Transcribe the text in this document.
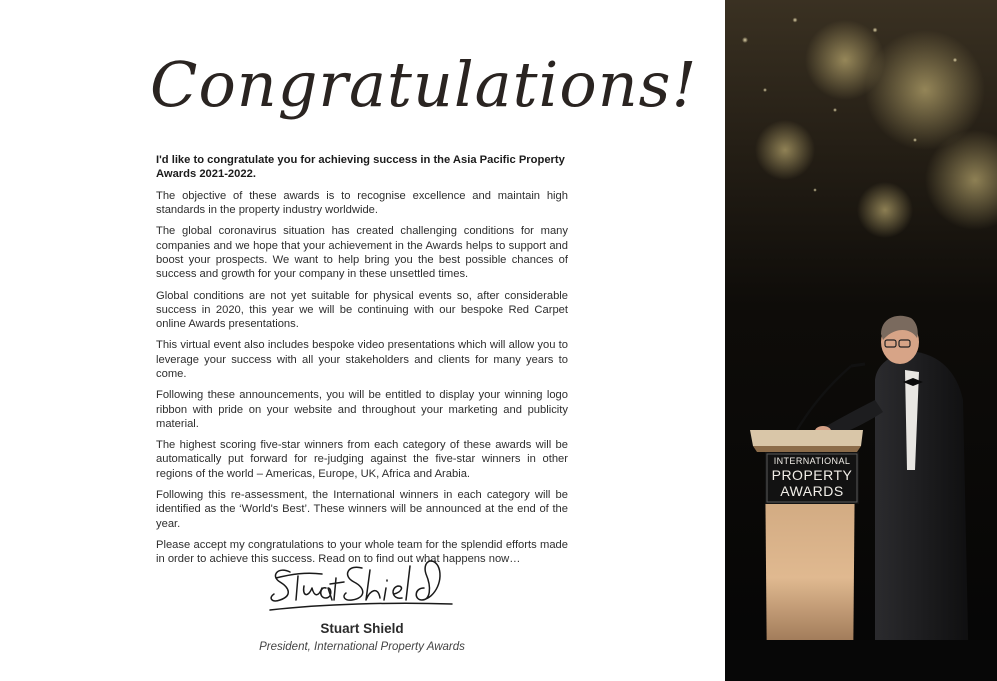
Congratulations!

I'd like to congratulate you for achieving success in the Asia Pacific Property Awards 2021-2022.

The objective of these awards is to recognise excellence and maintain high standards in the property industry worldwide.

The global coronavirus situation has created challenging conditions for many companies and we hope that your achievement in the Awards helps to support and boost your prospects. We want to help bring you the best possible chances of success and growth for your company in these unsettled times.

Global conditions are not yet suitable for physical events so, after considerable success in 2020, this year we will be continuing with our bespoke Red Carpet online Awards presentations.

This virtual event also includes bespoke video presentations which will allow you to leverage your success with all your stakeholders and clients for many years to come.

Following these announcements, you will be entitled to display your winning logo ribbon with pride on your website and throughout your marketing and publicity material.

The highest scoring five-star winners from each category of these awards will be automatically put forward for re-judging against the five-star winners in other regions of the world – Americas, Europe, UK, Africa and Arabia.

Following this re-assessment, the International winners in each category will be identified as the ‘World's Best’. These winners will be announced at the end of the year.

Please accept my congratulations to your whole team for the splendid efforts made in order to achieve this success. Read on to find out what happens now…

Stuart Shield

President, International Property Awards

INTERNATIONAL
PROPERTY
AWARDS
